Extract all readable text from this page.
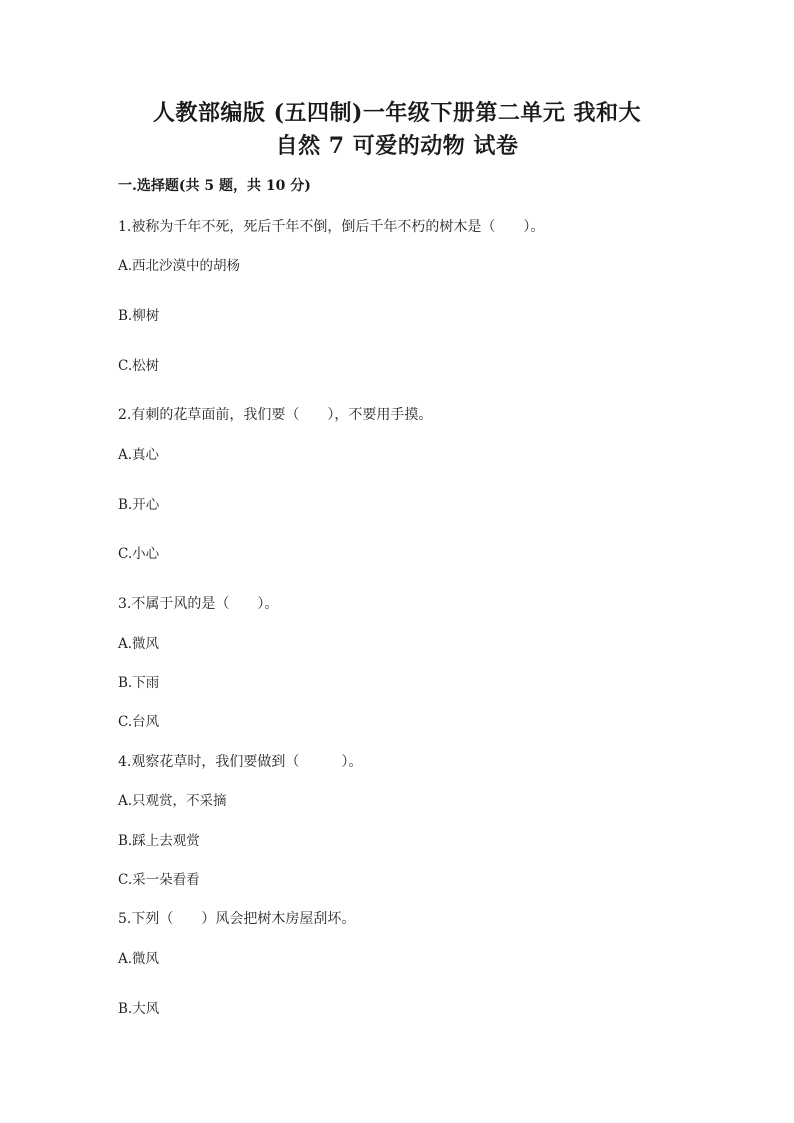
人教部编版 (五四制)一年级下册第二单元 我和大
自然 7 可爱的动物 试卷
一.选择题(共 5 题，共 10 分)
1.被称为千年不死，死后千年不倒，倒后千年不朽的树木是（　　）。
A.西北沙漠中的胡杨
B.柳树
C.松树
2.有刺的花草面前，我们要（　　），不要用手摸。
A.真心
B.开心
C.小心
3.不属于风的是（　　）。
A.微风
B.下雨
C.台风
4.观察花草时，我们要做到（　　　）。
A.只观赏，不采摘
B.踩上去观赏
C.采一朵看看
5.下列（　　）风会把树木房屋刮坏。
A.微风
B.大风
